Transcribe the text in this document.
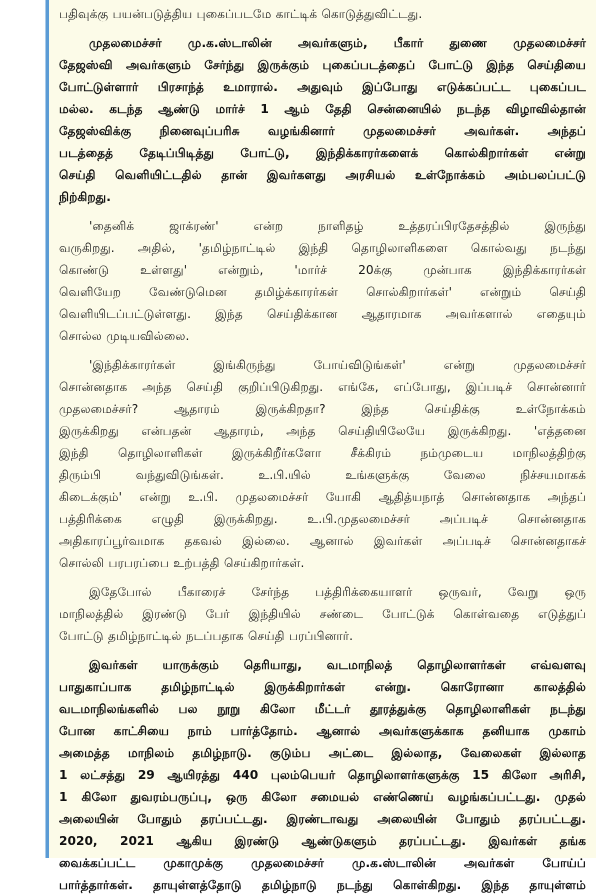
பதிவுக்கு பயன்படுத்திய புகைப்படமே காட்டிக் கொடுத்துவிட்டது.

முதலமைச்சர் மு.க.ஸ்டாலின் அவர்களும், பீகார் துணை முதலமைச்சர்
தேஜஸ்வி அவர்களும் சேர்ந்து இருக்கும் புகைப்படத்தைப் போட்டு இந்த செய்தியை
போட்டுள்ளார் பிரசாந்த் உமாரால். அதுவும் இப்போது எடுக்கப்பட்ட புகைப்பட
மல்ல. கடந்த ஆண்டு மார்ச் 1 ஆம் தேதி சென்னையில் நடந்த விழாவில்தான்
தேஜஸ்விக்கு நினைவுப்பரிசு வழங்கினார் முதலமைச்சர் அவர்கள். அந்தப்
படத்தைத் தேடிப்பிடித்து போட்டு, இந்திக்காரர்களைக் கொல்கிறார்கள் என்று
செய்தி வெளியிட்டதில் தான் இவர்களது அரசியல் உள்நோக்கம் அம்பலப்பட்டு
நிற்கிறது.

'தைனிக் ஜாக்ரண்' என்ற நாளிதழ் உத்தரப்பிரதேசத்தில் இருந்து
வருகிறது. அதில், 'தமிழ்நாட்டில் இந்தி தொழிலாளிகளை கொல்வது நடந்து
கொண்டு உள்ளது' என்றும், 'மார்ச் 20க்கு முன்பாக இந்திக்காரர்கள்
வெளியேற வேண்டுமென தமிழ்க்காரர்கள் சொல்கிறார்கள்' என்றும் செய்தி
வெளியிடப்பட்டுள்ளது. இந்த செய்திக்கான ஆதாரமாக அவர்களால் எதையும்
சொல்ல முடியவில்லை.

'இந்திக்காரர்கள் இங்கிருந்து போய்விடுங்கள்' என்று முதலமைச்சர்
சொன்னதாக அந்த செய்தி குறிப்பிடுகிறது. எங்கே, எப்போது, இப்படிச் சொன்னார்
முதலமைச்சர்? ஆதாரம் இருக்கிறதா? இந்த செய்திக்கு உள்நோக்கம்
இருக்கிறது என்பதன் ஆதாரம், அந்த செய்தியிலேயே இருக்கிறது. 'எத்தனை
இந்தி தொழிலாளிகள் இருக்கிறீர்களோ சீக்கிரம் நம்முடைய மாநிலத்திற்கு
திரும்பி வந்துவிடுங்கள். உ.பி.யில் உங்களுக்கு வேலை நிச்சயமாகக்
கிடைக்கும்' என்று உ.பி. முதலமைச்சர் யோகி ஆதித்யநாத் சொன்னதாக அந்தப்
பத்திரிக்கை எழுதி இருக்கிறது. உ.பி.முதலமைச்சர் அப்படிச் சொன்னதாக
அதிகாரப்பூர்வமாக தகவல் இல்லை. ஆனால் இவர்கள் அப்படிச் சொன்னதாகச்
சொல்லி பரபரப்பை உற்பத்தி செய்கிறார்கள்.

இதேபோல் பீகாரைச் சேர்ந்த பத்திரிக்கையாளர் ஒருவர், வேறு ஒரு
மாநிலத்தில் இரண்டு பேர் இந்தியில் சண்டை போட்டுக் கொள்வதை எடுத்துப்
போட்டு தமிழ்நாட்டில் நடப்பதாக செய்தி பரப்பினார்.

இவர்கள் யாருக்கும் தெரியாது, வடமாநிலத் தொழிலாளர்கள் எவ்வளவு
பாதுகாப்பாக தமிழ்நாட்டில் இருக்கிறார்கள் என்று. கொரோனா காலத்தில்
வடமாநிலங்களில் பல நூறு கிலோ மீட்டர் தூரத்துக்கு தொழிலாளிகள் நடந்து
போன காட்சியை நாம் பார்த்தோம். ஆனால் அவர்களுக்காக தனியாக முகாம்
அமைத்த மாநிலம் தமிழ்நாடு. குடும்ப அட்டை இல்லாத, வேலைகள் இல்லாத
1 லட்சத்து 29 ஆயிரத்து 440 புலம்பெயர் தொழிலாளர்களுக்கு 15 கிலோ அரிசி,
1 கிலோ துவரம்பருப்பு, ஒரு கிலோ சமையல் எண்ணெய் வழங்கப்பட்டது. முதல்
அலையின் போதும் தரப்பட்டது. இரண்டாவது அலையின் போதும் தரப்பட்டது.
2020, 2021 ஆகிய இரண்டு ஆண்டுகளும் தரப்பட்டது. இவர்கள் தங்க
வைக்கப்பட்ட முகாமுக்கு முதலமைச்சர் மு.க.ஸ்டாலின் அவர்கள் போய்ப்
பார்த்தார்கள். தாயுள்ளத்தோடு தமிழ்நாடு நடந்து கொள்கிறது. இந்த தாயுள்ளம்
